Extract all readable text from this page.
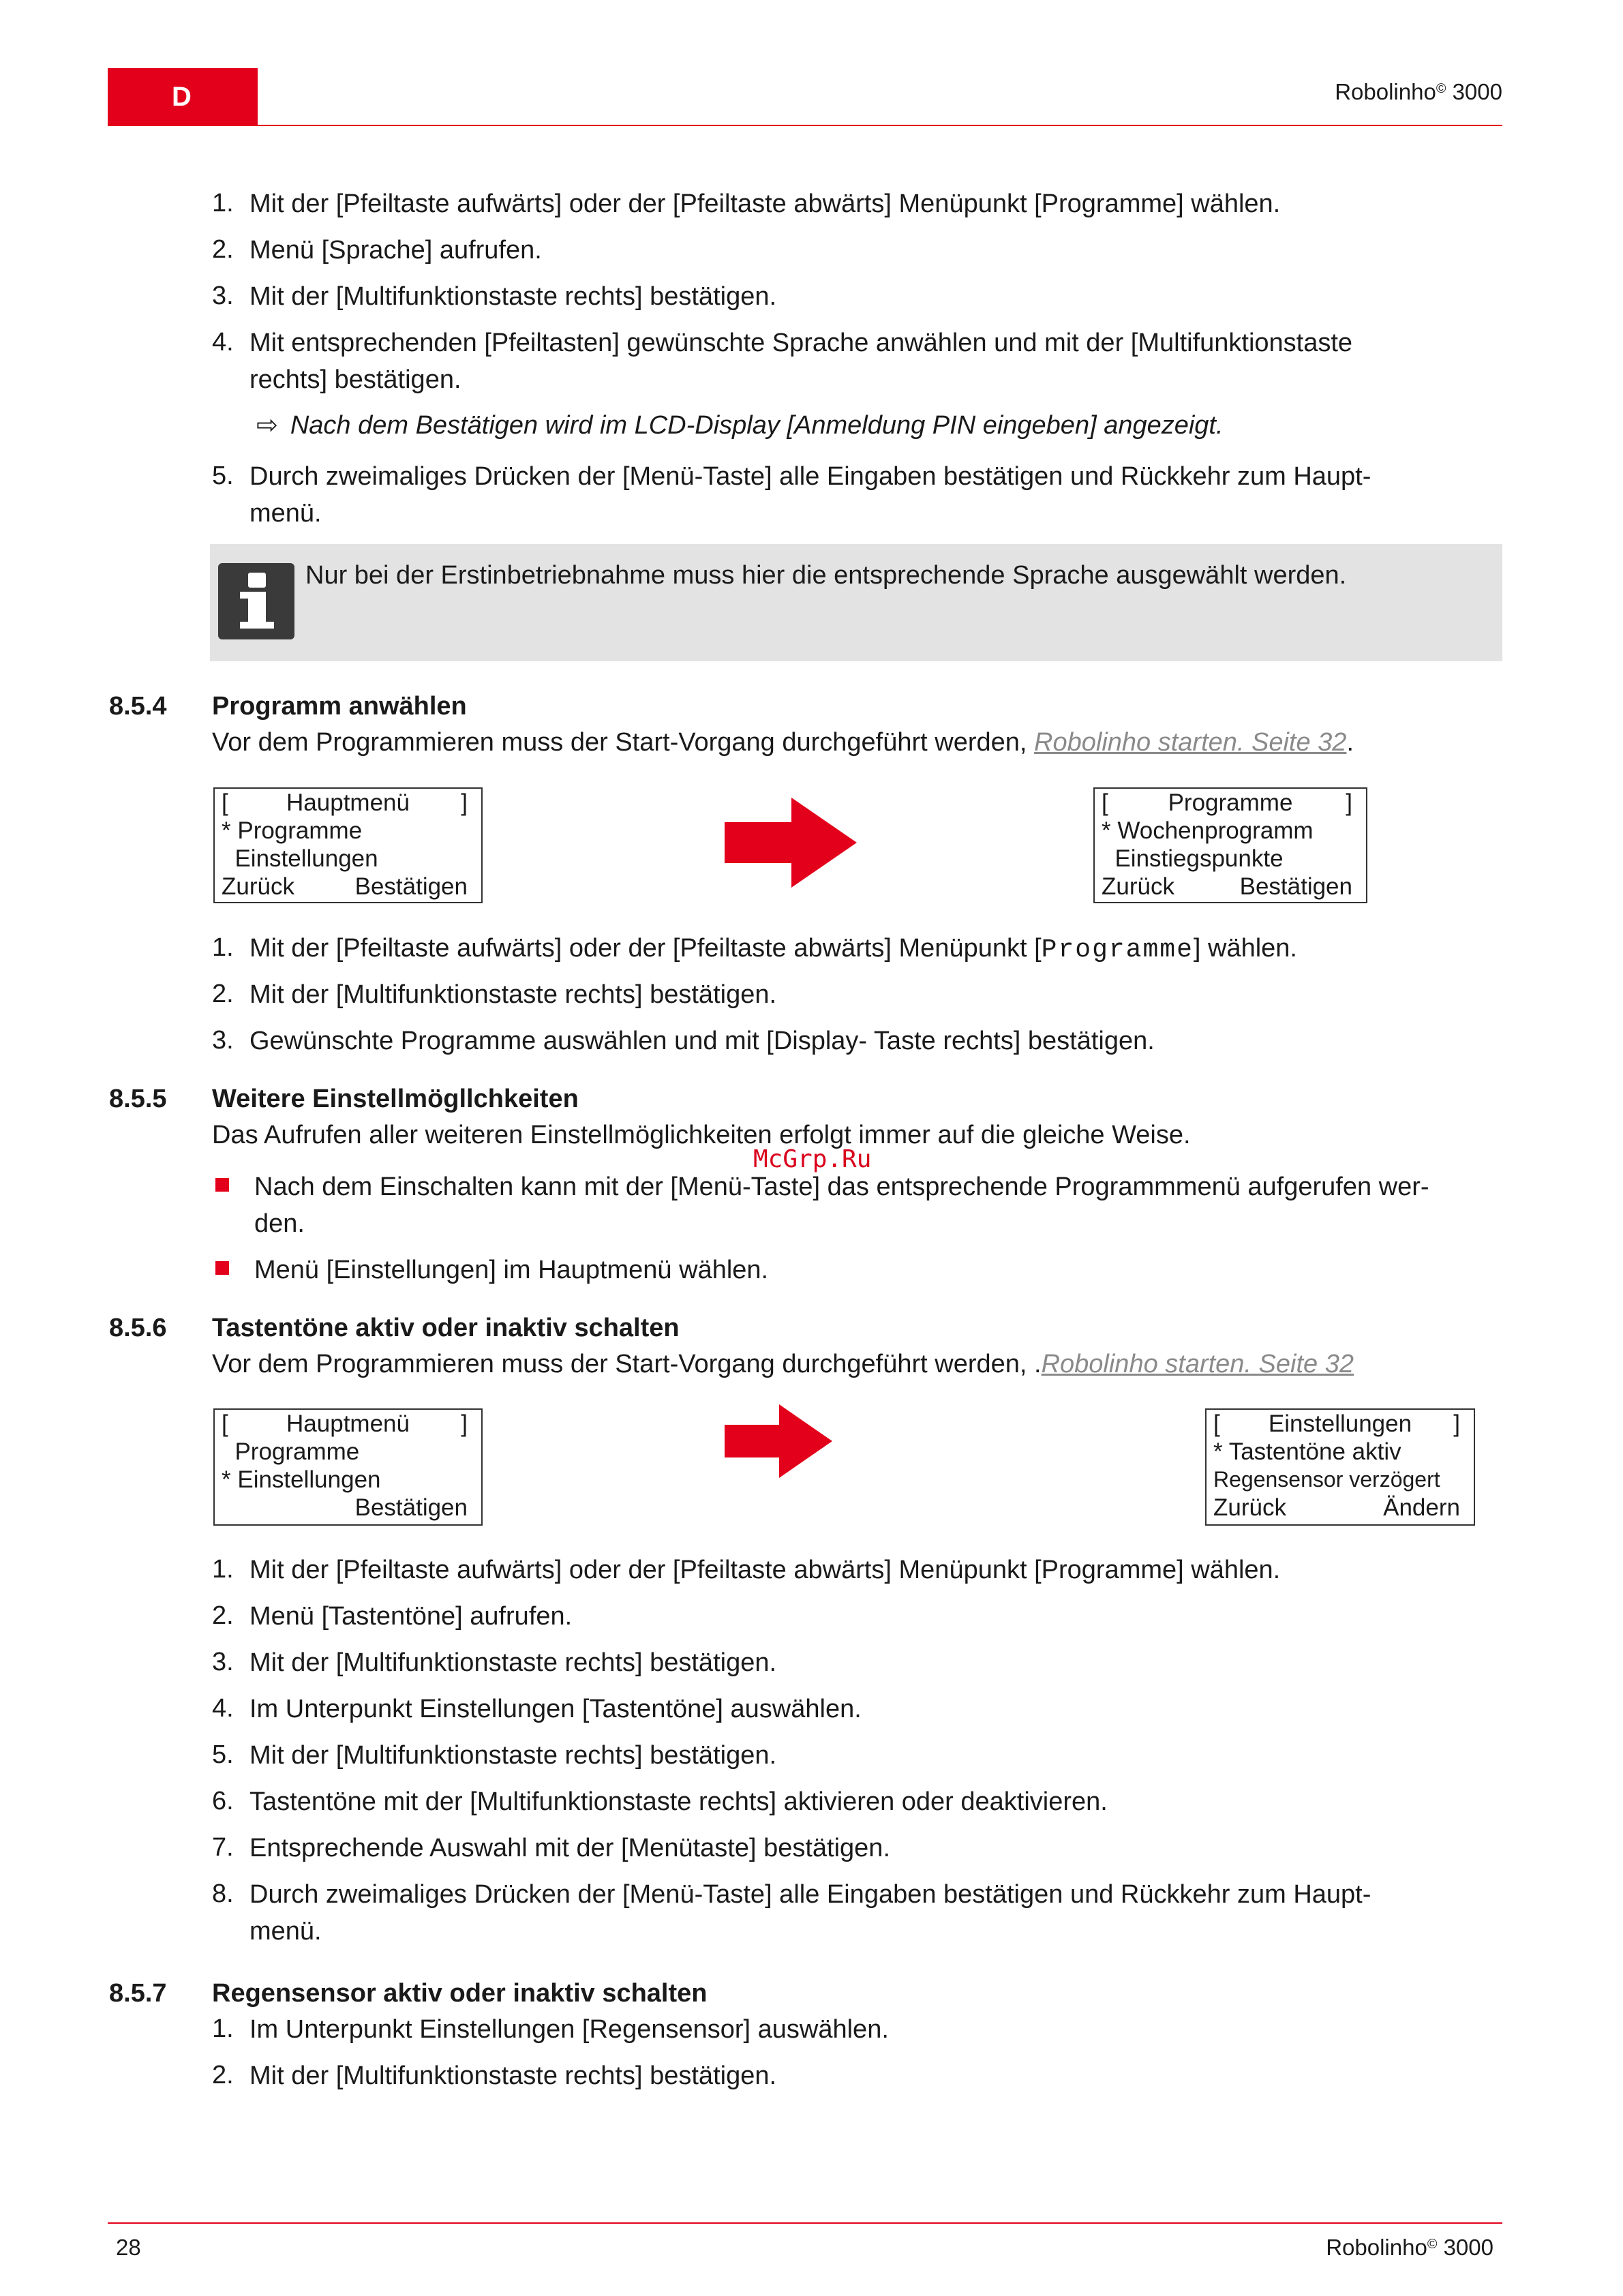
D	Robolinho© 3000
1. Mit der [Pfeiltaste aufwärts] oder der [Pfeiltaste abwärts] Menüpunkt [Programme] wählen.
2. Menü [Sprache] aufrufen.
3. Mit der [Multifunktionstaste rechts] bestätigen.
4. Mit entsprechenden [Pfeiltasten] gewünschte Sprache anwählen und mit der [Multifunktionstaste
rechts] bestätigen.
⇨ Nach dem Bestätigen wird im LCD-Display [Anmeldung PIN eingeben] angezeigt.
5. Durch zweimaliges Drücken der [Menü-Taste] alle Eingaben bestätigen und Rückkehr zum Haupt-
menü.
Nur bei der Erstinbetriebnahme muss hier die entsprechende Sprache ausgewählt werden.
8.5.4 Programm anwählen
Vor dem Programmieren muss der Start-Vorgang durchgeführt werden, Robolinho starten. Seite 32.
[	Hauptmenü	]
* Programme
Einstellungen
Zurück	Bestätigen
[	Programme	]
* Wochenprogramm
Einstiegspunkte
Zurück	Bestätigen
1. Mit der [Pfeiltaste aufwärts] oder der [Pfeiltaste abwärts] Menüpunkt [Programme] wählen.
2. Mit der [Multifunktionstaste rechts] bestätigen.
3. Gewünschte Programme auswählen und mit [Display- Taste rechts] bestätigen.
8.5.5 Weitere Einstellmögllchkeiten
Das Aufrufen aller weiteren Einstellmöglichkeiten erfolgt immer auf die gleiche Weise.
McGrp.Ru
Nach dem Einschalten kann mit der [Menü-Taste] das entsprechende Programmmenü aufgerufen wer-
den.
Menü [Einstellungen] im Hauptmenü wählen.
8.5.6 Tastentöne aktiv oder inaktiv schalten
Vor dem Programmieren muss der Start-Vorgang durchgeführt werden, .Robolinho starten. Seite 32
[	Hauptmenü	]
Programme
* Einstellungen
Bestätigen
[	Einstellungen	]
* Tastentöne aktiv
Regensensor verzögert
Zurück	Ändern
1. Mit der [Pfeiltaste aufwärts] oder der [Pfeiltaste abwärts] Menüpunkt [Programme] wählen.
2. Menü [Tastentöne] aufrufen.
3. Mit der [Multifunktionstaste rechts] bestätigen.
4. Im Unterpunkt Einstellungen [Tastentöne] auswählen.
5. Mit der [Multifunktionstaste rechts] bestätigen.
6. Tastentöne mit der [Multifunktionstaste rechts] aktivieren oder deaktivieren.
7. Entsprechende Auswahl mit der [Menütaste] bestätigen.
8. Durch zweimaliges Drücken der [Menü-Taste] alle Eingaben bestätigen und Rückkehr zum Haupt-
menü.
8.5.7 Regensensor aktiv oder inaktiv schalten
1. Im Unterpunkt Einstellungen [Regensensor] auswählen.
2. Mit der [Multifunktionstaste rechts] bestätigen.
28	Robolinho© 3000
